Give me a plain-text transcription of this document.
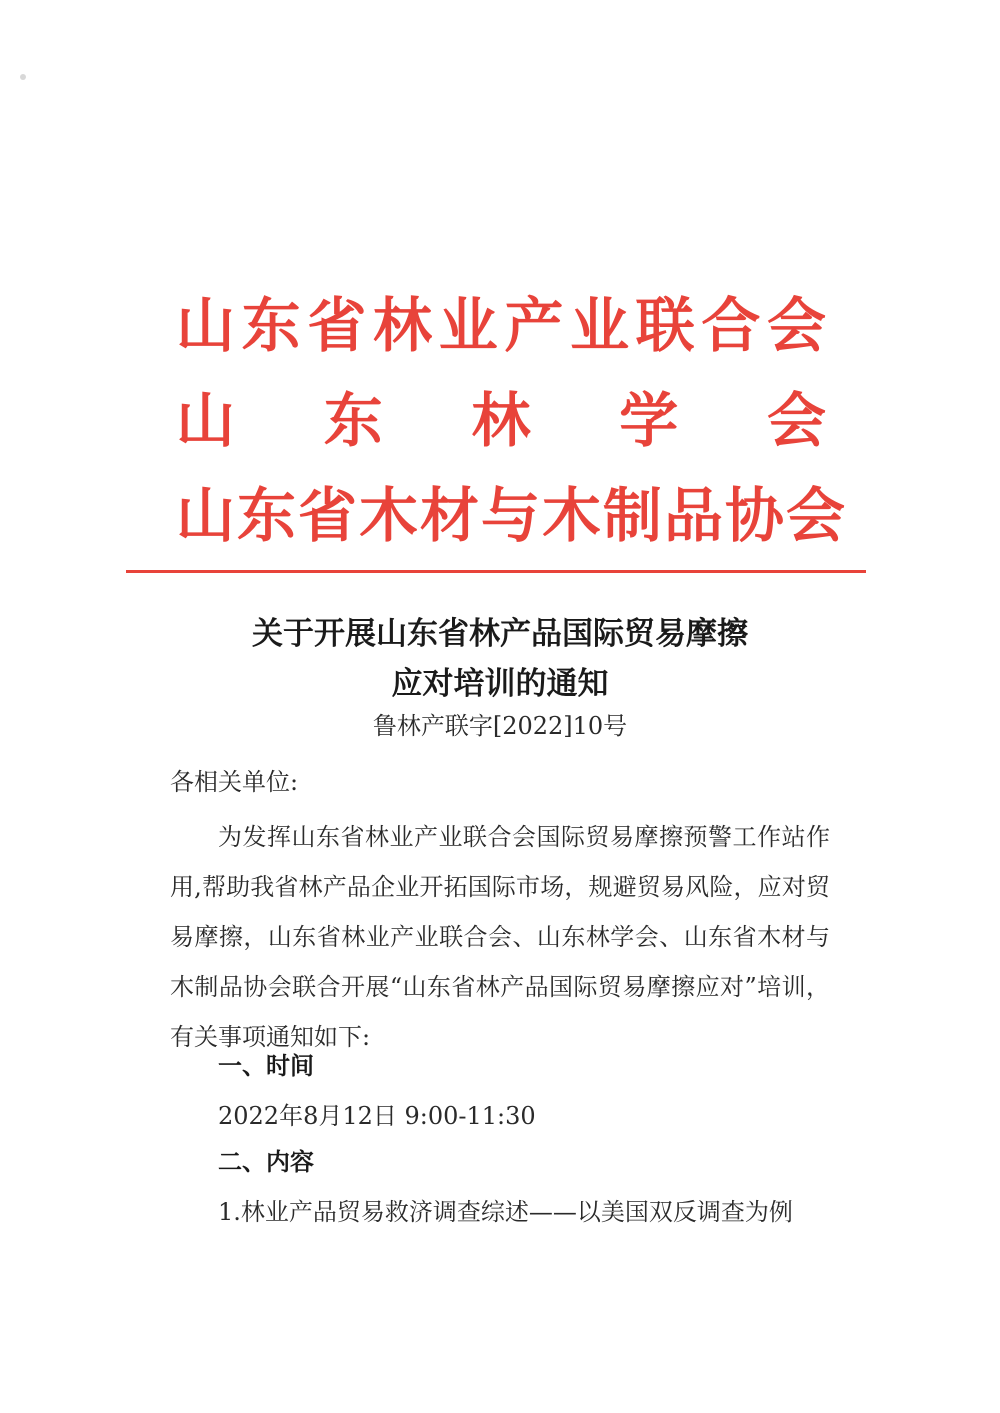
山东省林业产业联合会
山 东 林 学 会
山东省木材与木制品协会
关于开展山东省林产品国际贸易摩擦
应对培训的通知
鲁林产联字[2022]10号
各相关单位:
为发挥山东省林业产业联合会国际贸易摩擦预警工作站作用,帮助我省林产品企业开拓国际市场，规避贸易风险，应对贸易摩擦，山东省林业产业联合会、山东林学会、山东省木材与木制品协会联合开展“山东省林产品国际贸易摩擦应对”培训，有关事项通知如下:
一、时间
2022年8月12日 9:00-11:30
二、内容
1.林业产品贸易救济调查综述——以美国双反调查为例
